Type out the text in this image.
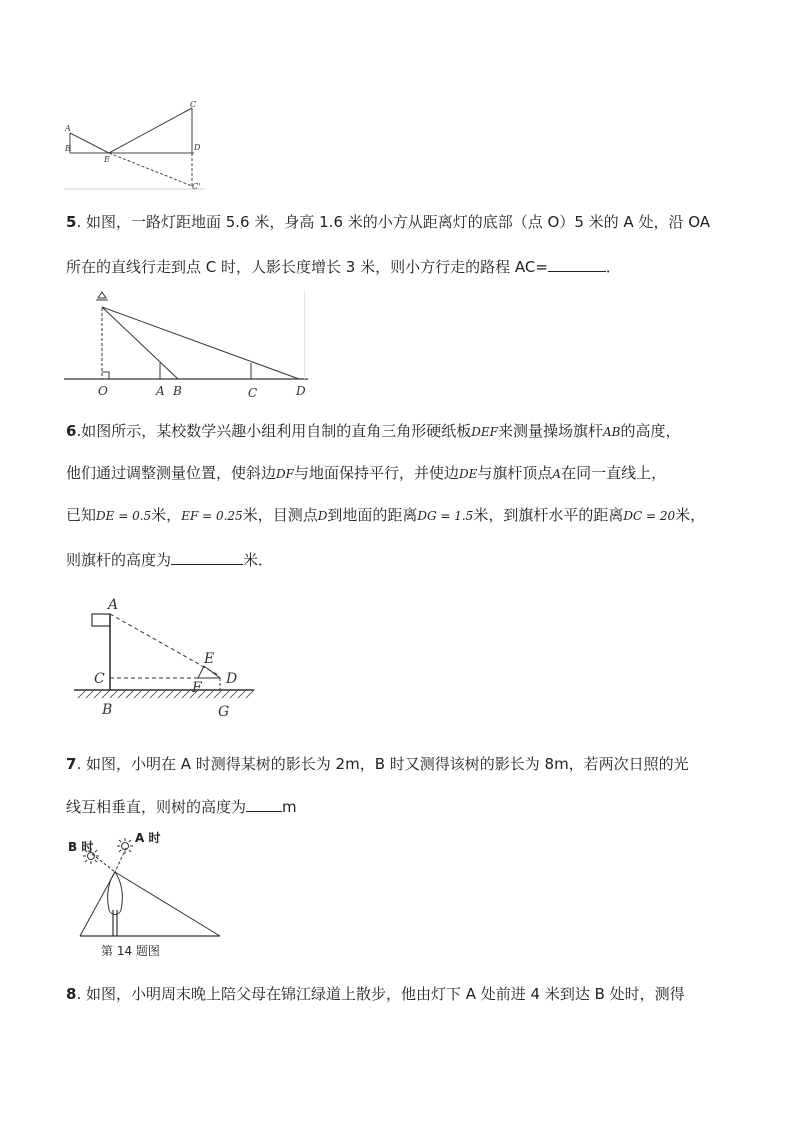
A
B
E
C
D
C'
5. 如图，一路灯距地面 5.6 米，身高 1.6 米的小方从距离灯的底部（点 O）5 米的 A 处，沿 OA
所在的直线行走到点 C 时，人影长度增长 3 米，则小方行走的路程 AC=	．
O	A B	C	D
6.如图所示，某校数学兴趣小组利用自制的直角三角形硬纸板DEF来测量操场旗杆AB的高度，
他们通过调整测量位置，使斜边DF与地面保持平行，并使边DE与旗杆顶点A在同一直线上，
已知DE = 0.5米，EF = 0.25米，目测点D到地面的距离DG = 1.5米，到旗杆水平的距离DC = 20米，
则旗杆的高度为	米．
A
E
C
F
D
B	G
7. 如图，小明在 A 时测得某树的影长为 2m，B 时又测得该树的影长为 8m，若两次日照的光
线互相垂直，则树的高度为 m
B 时
A 时
第 14 题图
8. 如图，小明周末晚上陪父母在锦江绿道上散步，他由灯下 A 处前进 4 米到达 B 处时，测得
